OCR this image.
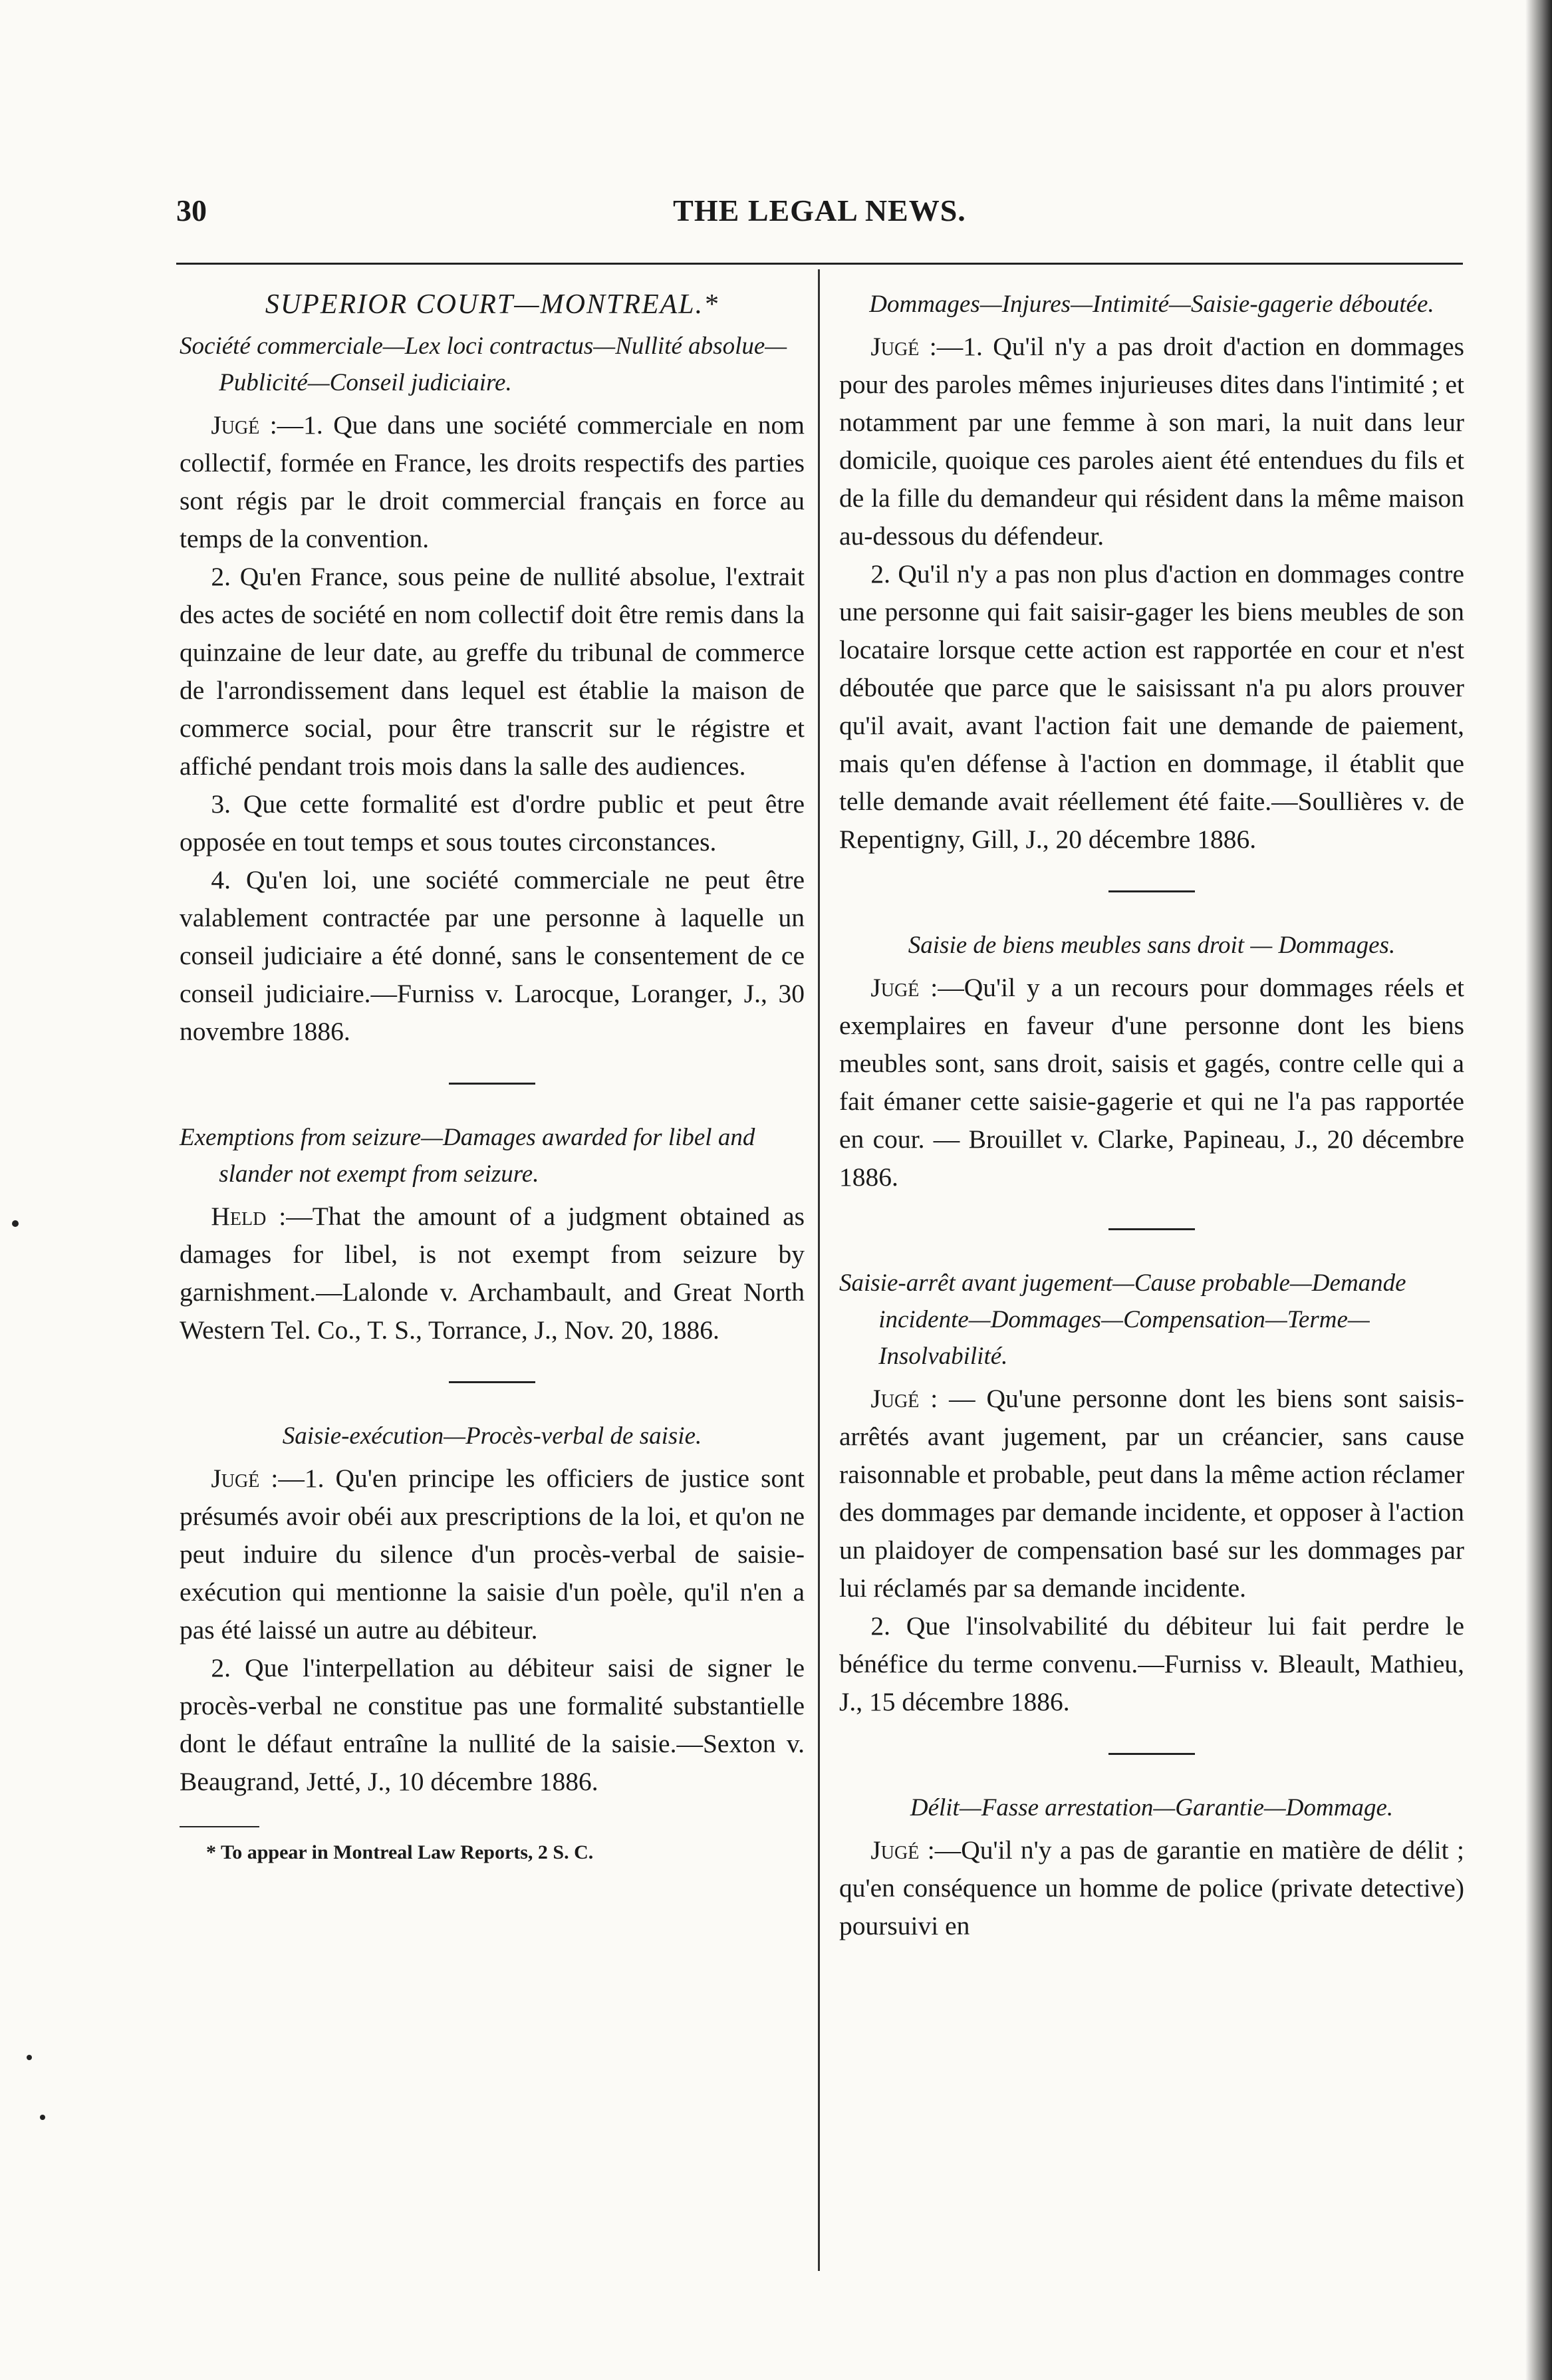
30	THE LEGAL NEWS.
SUPERIOR COURT—MONTREAL.*

Société commerciale—Lex loci contractus—Nullité absolue—Publicité—Conseil judiciaire.

Jugé :—1. Que dans une société commerciale en nom collectif, formée en France, les droits respectifs des parties sont régis par le droit commercial français en force au temps de la convention.

2. Qu'en France, sous peine de nullité absolue, l'extrait des actes de société en nom collectif doit être remis dans la quinzaine de leur date, au greffe du tribunal de commerce de l'arrondissement dans lequel est établie la maison de commerce social, pour être transcrit sur le régistre et affiché pendant trois mois dans la salle des audiences.

3. Que cette formalité est d'ordre public et peut être opposée en tout temps et sous toutes circonstances.

4. Qu'en loi, une société commerciale ne peut être valablement contractée par une personne à laquelle un conseil judiciaire a été donné, sans le consentement de ce conseil judiciaire.—Furniss v. Larocque, Loranger, J., 30 novembre 1886.

Exemptions from seizure—Damages awarded for libel and slander not exempt from seizure.

Held :—That the amount of a judgment obtained as damages for libel, is not exempt from seizure by garnishment.—Lalonde v. Archambault, and Great North Western Tel. Co., T. S., Torrance, J., Nov. 20, 1886.

Saisie-exécution—Procès-verbal de saisie.

Jugé :—1. Qu'en principe les officiers de justice sont présumés avoir obéi aux prescriptions de la loi, et qu'on ne peut induire du silence d'un procès-verbal de saisie-exécution qui mentionne la saisie d'un poèle, qu'il n'en a pas été laissé un autre au débiteur.

2. Que l'interpellation au débiteur saisi de signer le procès-verbal ne constitue pas une formalité substantielle dont le défaut entraîne la nullité de la saisie.—Sexton v. Beaugrand, Jetté, J., 10 décembre 1886.

* To appear in Montreal Law Reports, 2 S. C.

Dommages—Injures—Intimité—Saisie-gagerie déboutée.

Jugé :—1. Qu'il n'y a pas droit d'action en dommages pour des paroles mêmes injurieuses dites dans l'intimité ; et notamment par une femme à son mari, la nuit dans leur domicile, quoique ces paroles aient été entendues du fils et de la fille du demandeur qui résident dans la même maison au-dessous du défendeur.

2. Qu'il n'y a pas non plus d'action en dommages contre une personne qui fait saisir-gager les biens meubles de son locataire lorsque cette action est rapportée en cour et n'est déboutée que parce que le saisissant n'a pu alors prouver qu'il avait, avant l'action fait une demande de paiement, mais qu'en défense à l'action en dommage, il établit que telle demande avait réellement été faite.—Soullières v. de Repentigny, Gill, J., 20 décembre 1886.

Saisie de biens meubles sans droit — Dommages.

Jugé :—Qu'il y a un recours pour dommages réels et exemplaires en faveur d'une personne dont les biens meubles sont, sans droit, saisis et gagés, contre celle qui a fait émaner cette saisie-gagerie et qui ne l'a pas rapportée en cour. — Brouillet v. Clarke, Papineau, J., 20 décembre 1886.

Saisie-arrêt avant jugement—Cause probable—Demande incidente—Dommages—Compensation—Terme—Insolvabilité.

Jugé : — Qu'une personne dont les biens sont saisis-arrêtés avant jugement, par un créancier, sans cause raisonnable et probable, peut dans la même action réclamer des dommages par demande incidente, et opposer à l'action un plaidoyer de compensation basé sur les dommages par lui réclamés par sa demande incidente.

2. Que l'insolvabilité du débiteur lui fait perdre le bénéfice du terme convenu.—Furniss v. Bleault, Mathieu, J., 15 décembre 1886.

Délit—Fasse arrestation—Garantie—Dommage.

Jugé :—Qu'il n'y a pas de garantie en matière de délit ; qu'en conséquence un homme de police (private detective) poursuivi en
